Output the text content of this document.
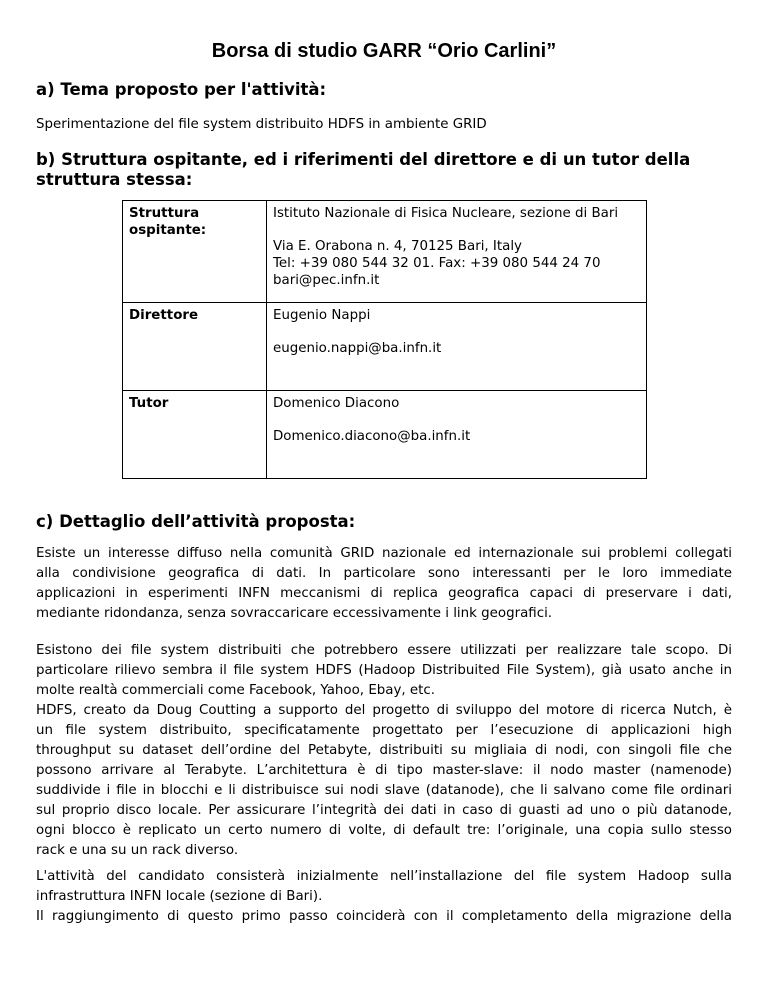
Borsa di studio GARR “Orio Carlini”
a) Tema proposto per l'attività:
Sperimentazione del file system distribuito HDFS in ambiente GRID
b) Struttura ospitante, ed i riferimenti del direttore e di un tutor della
struttura stessa:
Struttura ospitante:	Istituto Nazionale di Fisica Nucleare, sezione di Bari
Via E. Orabona n. 4, 70125 Bari, Italy
Tel: +39 080 544 32 01. Fax: +39 080 544 24 70
bari@pec.infn.it

Direttore	Eugenio Nappi
eugenio.nappi@ba.infn.it

Tutor	Domenico Diacono
Domenico.diacono@ba.infn.it
c) Dettaglio dell’attività proposta:
Esiste un interesse diffuso nella comunità GRID nazionale ed internazionale sui problemi collegati
alla condivisione geografica di dati. In particolare sono interessanti per le loro immediate
applicazioni in esperimenti INFN meccanismi di replica geografica capaci di preservare i dati,
mediante ridondanza, senza sovraccaricare eccessivamente i link geografici.
Esistono dei file system distribuiti che potrebbero essere utilizzati per realizzare tale scopo. Di
particolare rilievo sembra il file system HDFS (Hadoop Distribuited File System), già usato anche in
molte realtà commerciali come Facebook, Yahoo, Ebay, etc.
HDFS, creato da Doug Coutting a supporto del progetto di sviluppo del motore di ricerca Nutch, è
un file system distribuito, specificatamente progettato per l’esecuzione di applicazioni high
throughput su dataset dell’ordine del Petabyte, distribuiti su migliaia di nodi, con singoli file che
possono arrivare al Terabyte. L’architettura è di tipo master-slave: il nodo master (namenode)
suddivide i file in blocchi e li distribuisce sui nodi slave (datanode), che li salvano come file ordinari
sul proprio disco locale. Per assicurare l’integrità dei dati in caso di guasti ad uno o più datanode,
ogni blocco è replicato un certo numero di volte, di default tre: l’originale, una copia sullo stesso
rack e una su un rack diverso.
L'attività del candidato consisterà inizialmente nell’installazione del file system Hadoop sulla
infrastruttura INFN locale (sezione di Bari).
Il raggiungimento di questo primo passo coinciderà con il completamento della migrazione della
